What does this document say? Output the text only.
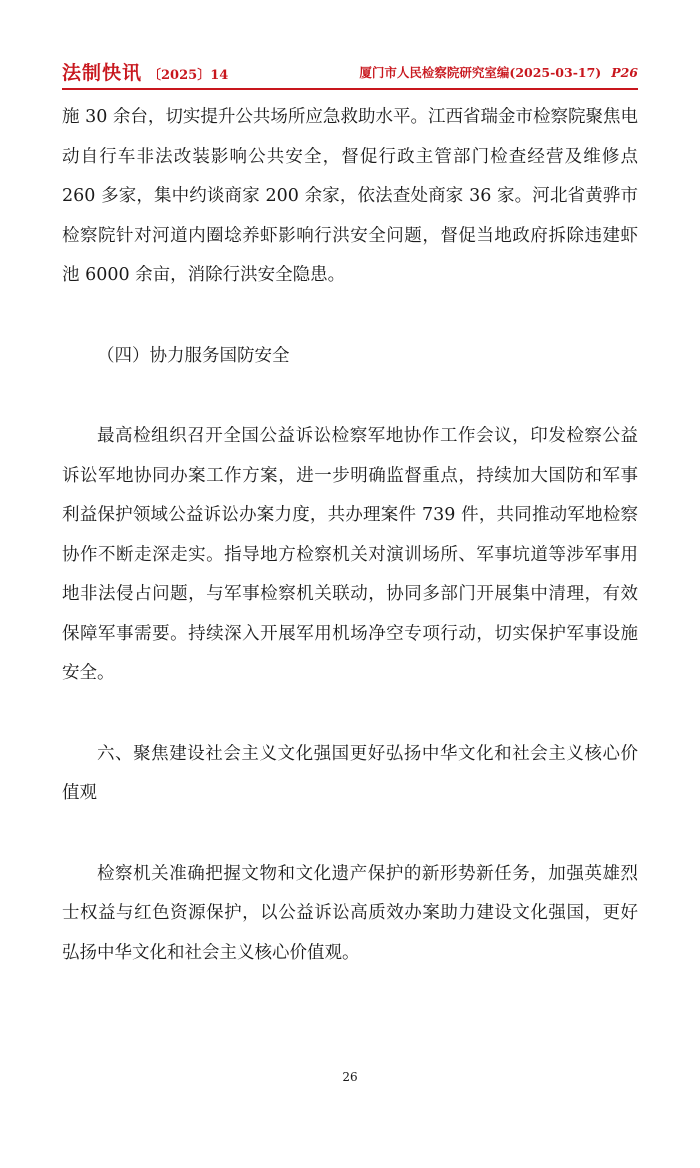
法制快讯 〔2025〕14	厦门市人民检察院研究室编(2025-03-17) P26

施 30 余台，切实提升公共场所应急救助水平。江西省瑞金市检察院聚焦电动自行车非法改装影响公共安全，督促行政主管部门检查经营及维修点 260 多家，集中约谈商家 200 余家，依法查处商家 36 家。河北省黄骅市检察院针对河道内圈埝养虾影响行洪安全问题，督促当地政府拆除违建虾池 6000 余亩，消除行洪安全隐患。

（四）协力服务国防安全

最高检组织召开全国公益诉讼检察军地协作工作会议，印发检察公益诉讼军地协同办案工作方案，进一步明确监督重点，持续加大国防和军事利益保护领域公益诉讼办案力度，共办理案件 739 件，共同推动军地检察协作不断走深走实。指导地方检察机关对演训场所、军事坑道等涉军事用地非法侵占问题，与军事检察机关联动，协同多部门开展集中清理，有效保障军事需要。持续深入开展军用机场净空专项行动，切实保护军事设施安全。

六、聚焦建设社会主义文化强国更好弘扬中华文化和社会主义核心价值观

检察机关准确把握文物和文化遗产保护的新形势新任务，加强英雄烈士权益与红色资源保护，以公益诉讼高质效办案助力建设文化强国，更好弘扬中华文化和社会主义核心价值观。

26
